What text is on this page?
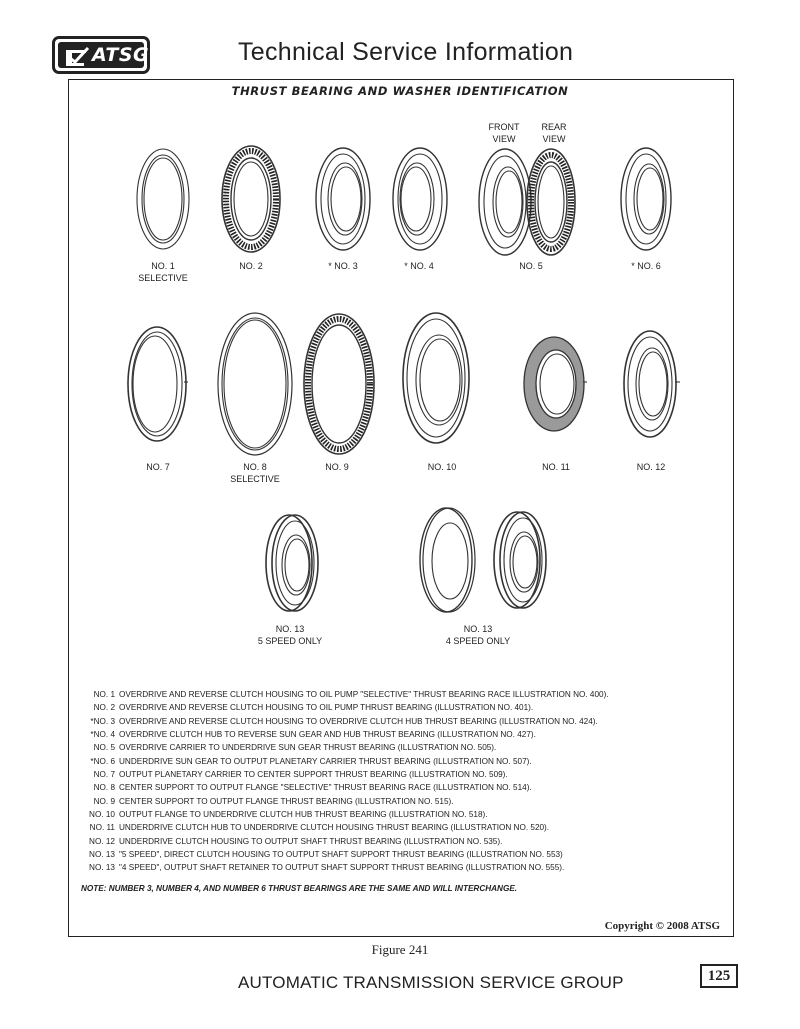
ATSG	Technical Service Information
THRUST BEARING AND WASHER IDENTIFICATION
FRONT
VIEW
REAR
VIEW
NO. 1
SELECTIVE
NO. 2	* NO. 3	* NO. 4	NO. 5	* NO. 6
NO. 7	NO. 8
SELECTIVE
NO. 9	NO. 10	NO. 11	NO. 12
NO. 13
5 SPEED ONLY
NO. 13
4 SPEED ONLY
NO. 1 OVERDRIVE AND REVERSE CLUTCH HOUSING TO OIL PUMP "SELECTIVE" THRUST BEARING RACE ILLUSTRATION NO. 400).
NO. 2 OVERDRIVE AND REVERSE CLUTCH HOUSING TO OIL PUMP THRUST BEARING (ILLUSTRATION NO. 401).
*NO. 3 OVERDRIVE AND REVERSE CLUTCH HOUSING TO OVERDRIVE CLUTCH HUB THRUST BEARING (ILLUSTRATION NO. 424).
*NO. 4 OVERDRIVE CLUTCH HUB TO REVERSE SUN GEAR AND HUB THRUST BEARING (ILLUSTRATION NO. 427).
NO. 5 OVERDRIVE CARRIER TO UNDERDRIVE SUN GEAR THRUST BEARING (ILLUSTRATION NO. 505).
*NO. 6 UNDERDRIVE SUN GEAR TO OUTPUT PLANETARY CARRIER THRUST BEARING (ILLUSTRATION NO. 507).
NO. 7 OUTPUT PLANETARY CARRIER TO CENTER SUPPORT THRUST BEARING (ILLUSTRATION NO. 509).
NO. 8 CENTER SUPPORT TO OUTPUT FLANGE "SELECTIVE" THRUST BEARING RACE (ILLUSTRATION NO. 514).
NO. 9 CENTER SUPPORT TO OUTPUT FLANGE THRUST BEARING (ILLUSTRATION NO. 515).
NO. 10 OUTPUT FLANGE TO UNDERDRIVE CLUTCH HUB THRUST BEARING (ILLUSTRATION NO. 518).
NO. 11 UNDERDRIVE CLUTCH HUB TO UNDERDRIVE CLUTCH HOUSING THRUST BEARING (ILLUSTRATION NO. 520).
NO. 12 UNDERDRIVE CLUTCH HOUSING TO OUTPUT SHAFT THRUST BEARING (ILLUSTRATION NO. 535).
NO. 13 "5 SPEED", DIRECT CLUTCH HOUSING TO OUTPUT SHAFT SUPPORT THRUST BEARING (ILLUSTRATION NO. 553)
NO. 13 "4 SPEED", OUTPUT SHAFT RETAINER TO OUTPUT SHAFT SUPPORT THRUST BEARING (ILLUSTRATION NO. 555).
NOTE: NUMBER 3, NUMBER 4, AND NUMBER 6 THRUST BEARINGS ARE THE SAME AND WILL INTERCHANGE.
Copyright © 2008 ATSG
Figure 241
AUTOMATIC TRANSMISSION SERVICE GROUP	125
